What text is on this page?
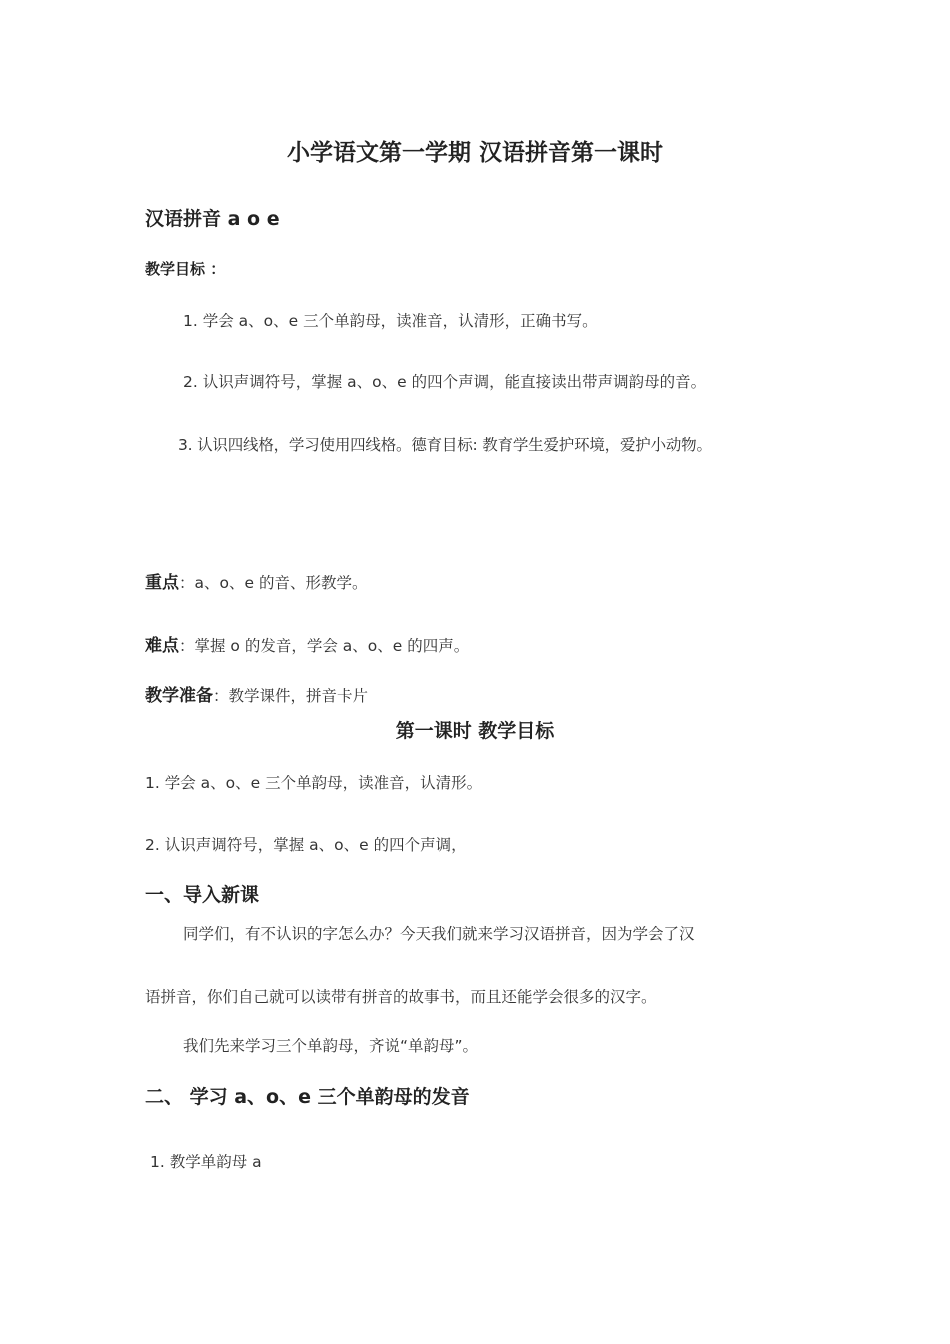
小学语文第一学期 汉语拼音第一课时
汉语拼音 a o e
教学目标 ：
1. 学会 a、o、e 三个单韵母，读准音，认清形，正确书写。
2. 认识声调符号，掌握 a、o、e 的四个声调，能直接读出带声调韵母的音。
3. 认识四线格，学习使用四线格。德育目标: 教育学生爱护环境，爱护小动物。
重点：a、o、e 的音、形教学。
难点：掌握 o 的发音，学会 a、o、e 的四声。
教学准备：教学课件，拼音卡片
第一课时 教学目标
1. 学会 a、o、e 三个单韵母，读准音，认清形。
2. 认识声调符号，掌握 a、o、e 的四个声调，
一、导入新课
同学们，有不认识的字怎么办？今天我们就来学习汉语拼音，因为学会了汉
语拼音，你们自己就可以读带有拼音的故事书，而且还能学会很多的汉字。
我们先来学习三个单韵母，齐说“单韵母”。
二、 学习 a、o、e 三个单韵母的发音
1. 教学单韵母 a
